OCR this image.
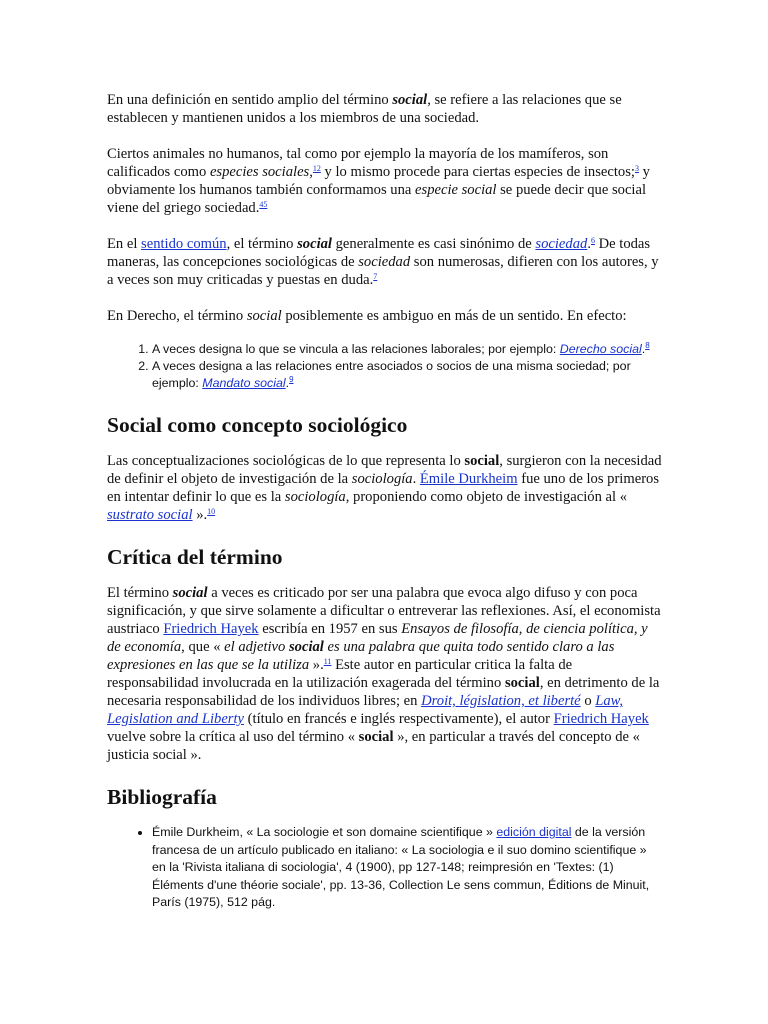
En una definición en sentido amplio del término social, se refiere a las relaciones que se establecen y mantienen unidos a los miembros de una sociedad.

Ciertos animales no humanos, tal como por ejemplo la mayoría de los mamíferos, son calificados como especies sociales,$^{12}$ y lo mismo procede para ciertas especies de insectos;$^3$ y obviamente los humanos también conformamos una especie social se puede decir que social viene del griego sociedad.$^{45}$

En el sentido común, el término social generalmente es casi sinónimo de sociedad.$^6$ De todas maneras, las concepciones sociológicas de sociedad son numerosas, difieren con los autores, y a veces son muy criticadas y puestas en duda.$^7$

En Derecho, el término social posiblemente es ambiguo en más de un sentido. En efecto:

1. A veces designa lo que se vincula a las relaciones laborales; por ejemplo: Derecho social.$^8$
2. A veces designa a las relaciones entre asociados o socios de una misma sociedad; por ejemplo: Mandato social.$^9$
Social como concepto sociológico

Las conceptualizaciones sociológicas de lo que representa lo social, surgieron con la necesidad de definir el objeto de investigación de la sociología. Émile Durkheim fue uno de los primeros en intentar definir lo que es la sociología, proponiendo como objeto de investigación al « sustrato social ».$^{10}$

Crítica del término

El término social a veces es criticado por ser una palabra que evoca algo difuso y con poca significación, y que sirve solamente a dificultar o entreverar las reflexiones. Así, el economista austriaco Friedrich Hayek escribía en 1957 en sus Ensayos de filosofía, de ciencia política, y de economía, que « el adjetivo social es una palabra que quita todo sentido claro a las expresiones en las que se la utiliza ».$^{11}$ Este autor en particular critica la falta de responsabilidad involucrada en la utilización exagerada del término social, en detrimento de la necesaria responsabilidad de los individuos libres; en Droit, législation, et liberté o Law, Legislation and Liberty (título en francés e inglés respectivamente), el autor Friedrich Hayek vuelve sobre la crítica al uso del término « social », en particular a través del concepto de « justicia social ».

Bibliografía
• Émile Durkheim, « La sociologie et son domaine scientifique » edición digital de la versión francesa de un artículo publicado en italiano: « La sociologia e il suo domino scientifique » en la 'Rivista italiana di sociologia', 4 (1900), pp 127-148; reimpresión en 'Textes: (1) Éléments d'une théorie sociale', pp. 13-36, Collection Le sens commun, Éditions de Minuit, París (1975), 512 pág.
